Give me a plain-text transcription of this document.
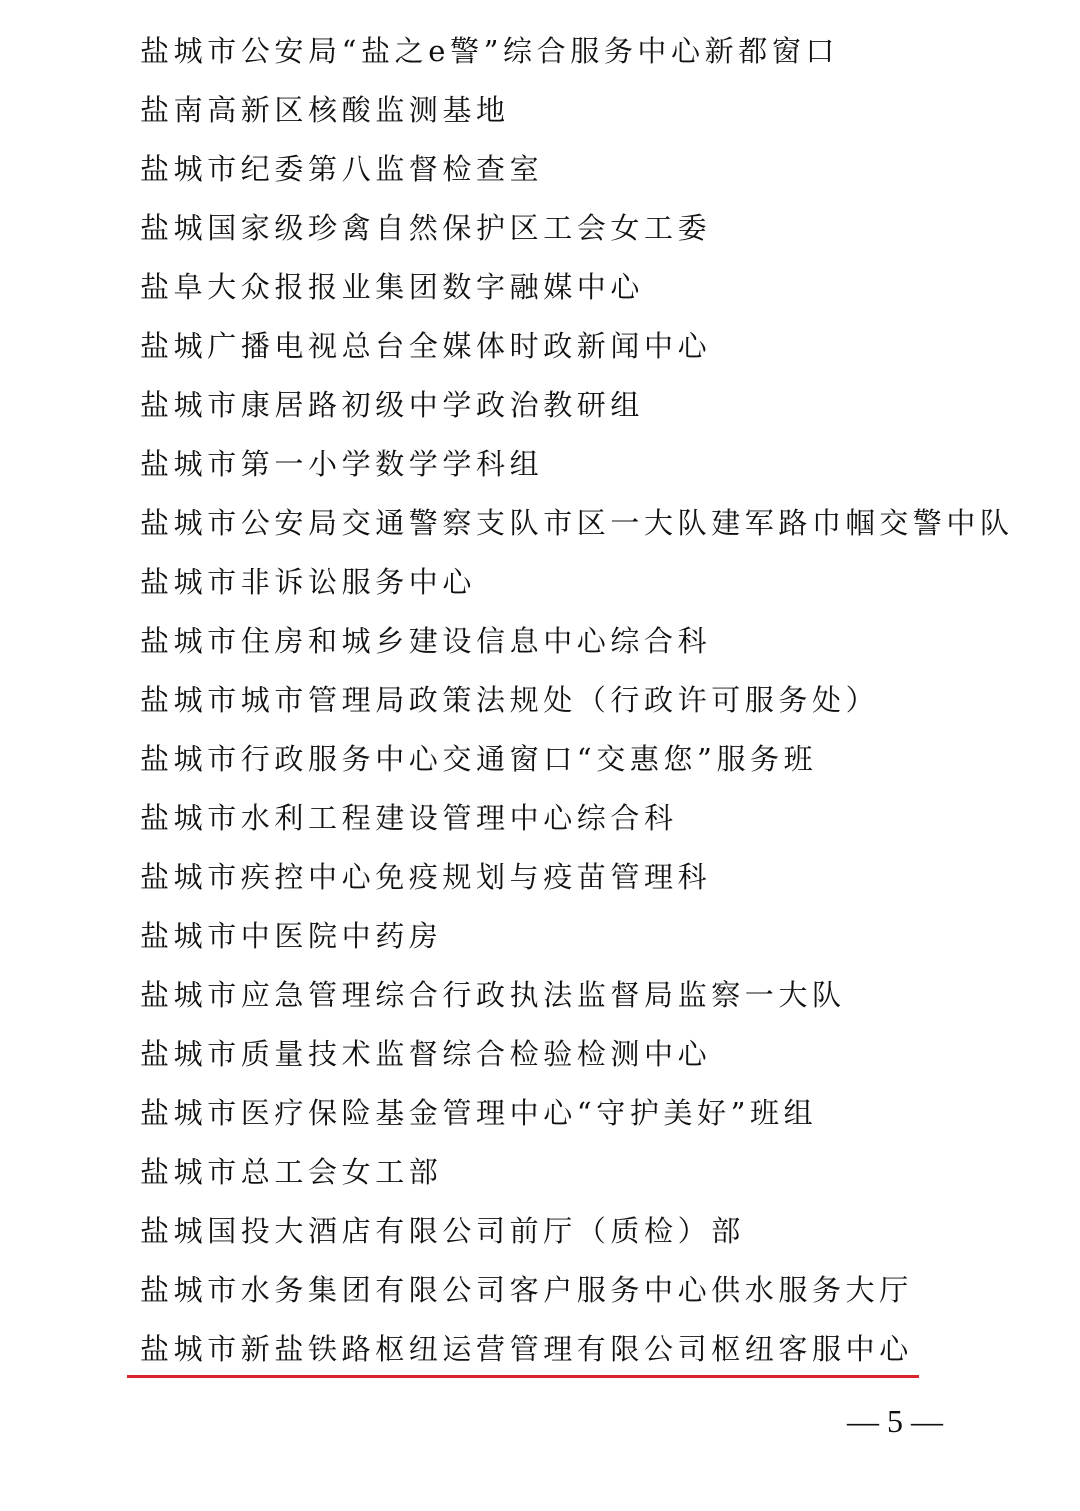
盐城市公安局“盐之e警”综合服务中心新都窗口
盐南高新区核酸监测基地
盐城市纪委第八监督检查室
盐城国家级珍禽自然保护区工会女工委
盐阜大众报报业集团数字融媒中心
盐城广播电视总台全媒体时政新闻中心
盐城市康居路初级中学政治教研组
盐城市第一小学数学学科组
盐城市公安局交通警察支队市区一大队建军路巾帼交警中队
盐城市非诉讼服务中心
盐城市住房和城乡建设信息中心综合科
盐城市城市管理局政策法规处（行政许可服务处）
盐城市行政服务中心交通窗口“交惠您”服务班
盐城市水利工程建设管理中心综合科
盐城市疾控中心免疫规划与疫苗管理科
盐城市中医院中药房
盐城市应急管理综合行政执法监督局监察一大队
盐城市质量技术监督综合检验检测中心
盐城市医疗保险基金管理中心“守护美好”班组
盐城市总工会女工部
盐城国投大酒店有限公司前厅（质检）部
盐城市水务集团有限公司客户服务中心供水服务大厅
盐城市新盐铁路枢纽运营管理有限公司枢纽客服中心
— 5 —
